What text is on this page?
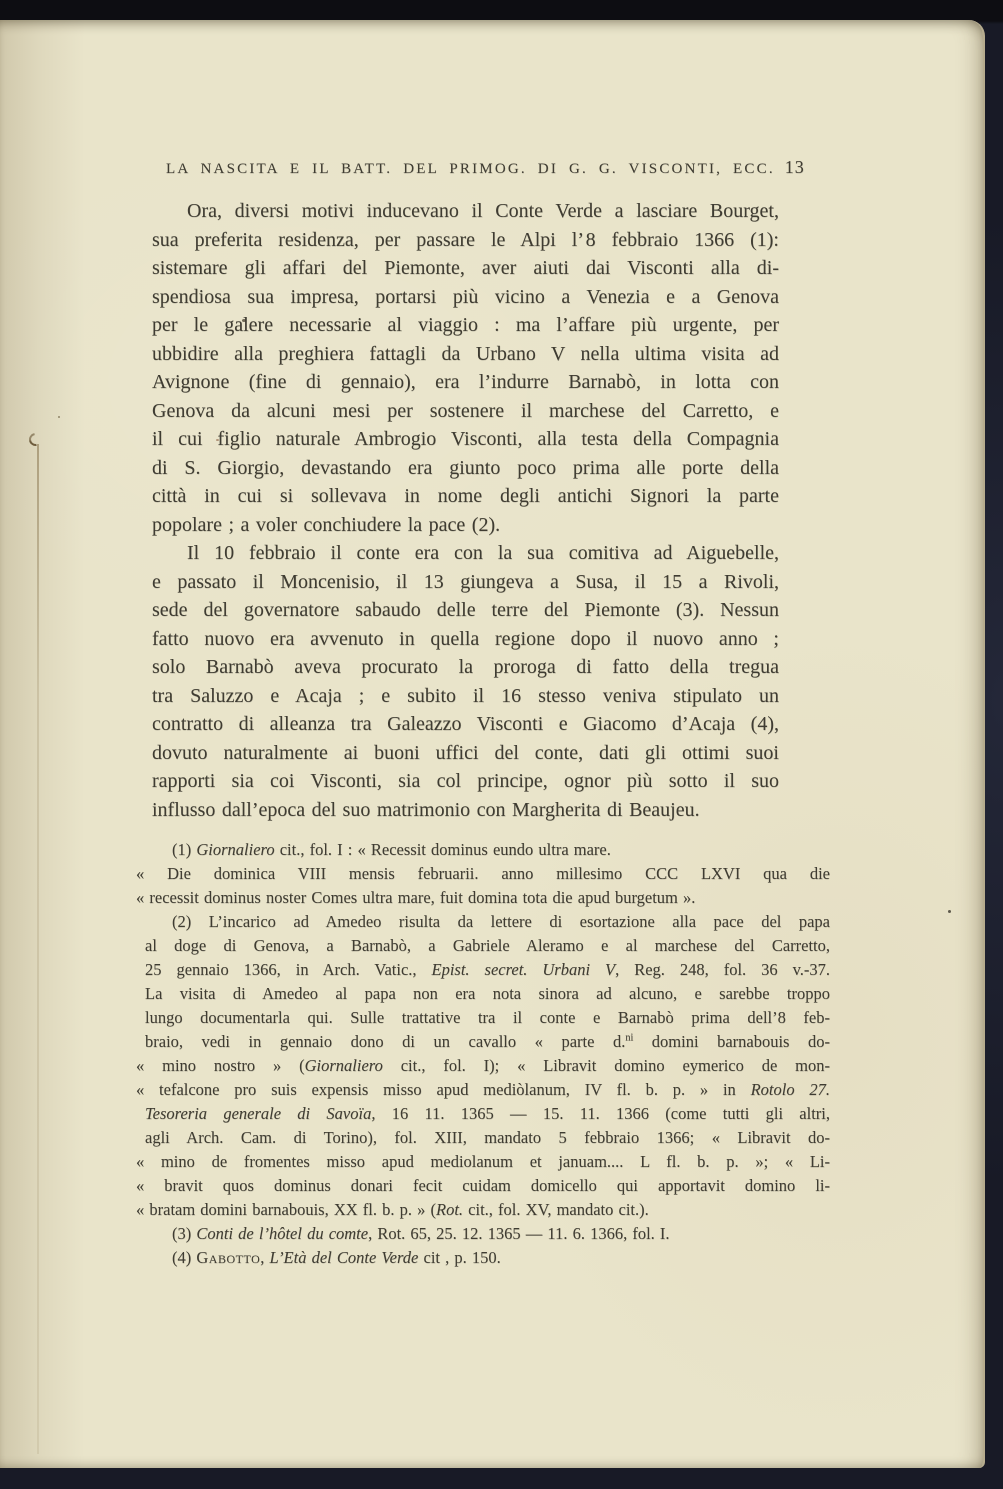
LA NASCITA E IL BATT. DEL PRIMOG. DI G. G. VISCONTI, ECC. 13
Ora, diversi motivi inducevano il Conte Verde a lasciare Bourget,
sua preferita residenza, per passare le Alpi l’ 8 febbraio 1366 (1):
sistemare gli affari del Piemonte, aver aiuti dai Visconti alla di-
spendiosa sua impresa, portarsi più vicino a Venezia e a Genova
per le galere necessarie al viaggio : ma l’affare più urgente, per
ubbidire alla preghiera fattagli da Urbano V nella ultima visita ad
Avignone (fine di gennaio), era l’indurre Barnabò, in lotta con
Genova da alcuni mesi per sostenere il marchese del Carretto, e
il cui figlio naturale Ambrogio Visconti, alla testa della Compagnia
di S. Giorgio, devastando era giunto poco prima alle porte della
città in cui si sollevava in nome degli antichi Signori la parte
popolare ; a voler conchiudere la pace (2).
Il 10 febbraio il conte era con la sua comitiva ad Aiguebelle,
e passato il Moncenisio, il 13 giungeva a Susa, il 15 a Rivoli,
sede del governatore sabaudo delle terre del Piemonte (3). Nessun
fatto nuovo era avvenuto in quella regione dopo il nuovo anno ;
solo Barnabò aveva procurato la proroga di fatto della tregua
tra Saluzzo e Acaja ; e subito il 16 stesso veniva stipulato un
contratto di alleanza tra Galeazzo Visconti e Giacomo d’Acaja (4),
dovuto naturalmente ai buoni uffici del conte, dati gli ottimi suoi
rapporti sia coi Visconti, sia col principe, ognor più sotto il suo
influsso dall’epoca del suo matrimonio con Margherita di Beaujeu.
(1) Giornaliero cit., fol. I : « Recessit dominus eundo ultra mare.
« Die dominica VIII mensis februarii. anno millesimo CCC LXVI qua die
« recessit dominus noster Comes ultra mare, fuit domina tota die apud burgetum ».
(2) L’incarico ad Amedeo risulta da lettere di esortazione alla pace del papa
al doge di Genova, a Barnabò, a Gabriele Aleramo e al marchese del Carretto,
25 gennaio 1366, in Arch. Vatic., Epist. secret. Urbani V, Reg. 248, fol. 36 v.-37.
La visita di Amedeo al papa non era nota sinora ad alcuno, e sarebbe troppo
lungo documentarla qui. Sulle trattative tra il conte e Barnabò prima dell’8 feb-
braio, vedi in gennaio dono di un cavallo « parte d.$^{ni}$ domini barnabouis do-
« mino nostro » (Giornaliero cit., fol. I); « Libravit domino eymerico de mon-
« tefalcone pro suis expensis misso apud mediòlanum, IV fl. b. p. » in Rotolo 27.
Tesoreria generale di Savoïa, 16 11. 1365 — 15. 11. 1366 (come tutti gli altri,
agli Arch. Cam. di Torino), fol. XIII, mandato 5 febbraio 1366; « Libravit do-
« mino de fromentes misso apud mediolanum et januam.... L fl. b. p. »; « Li-
« bravit quos dominus donari fecit cuidam domicello qui apportavit domino li-
« bratam domini barnabouis, XX fl. b. p. » (Rot. cit., fol. XV, mandato cit.).
(3) Conti de l’hôtel du comte, Rot. 65, 25. 12. 1365 — 11. 6. 1366, fol. I.
(4) Gabotto, L’Età del Conte Verde cit , p. 150.
